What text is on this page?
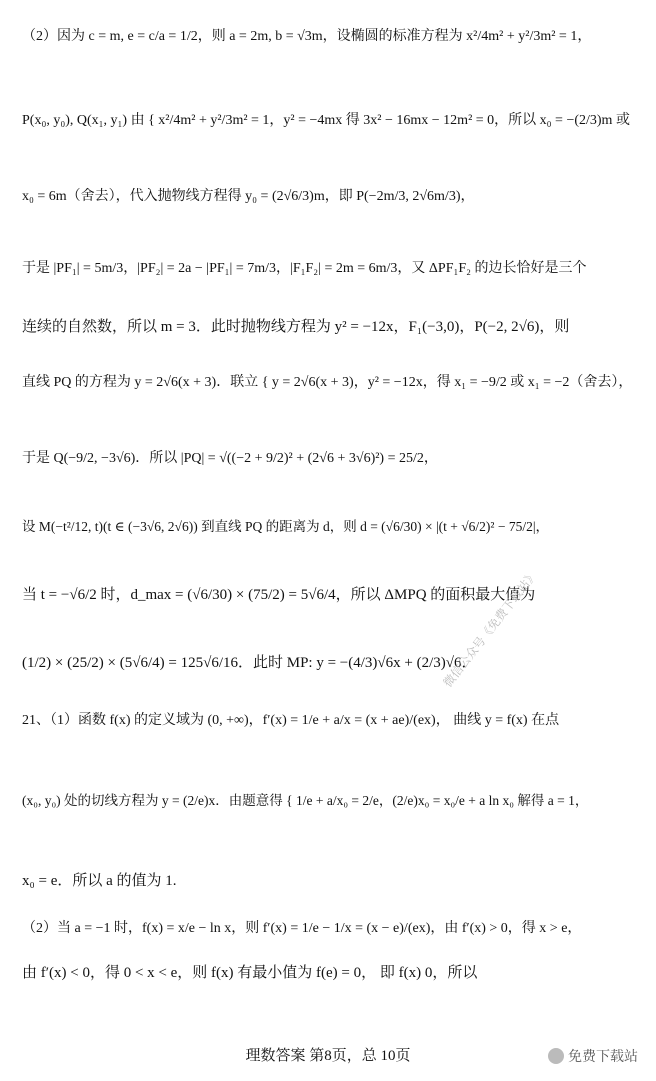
（2）因为 c = m, e = c/a = 1/2，则 a = 2m, b = √3m，设椭圆的标准方程为 x²/4m² + y²/3m² = 1，
P(x₀, y₀), Q(x₁, y₁) 由 { x²/4m² + y²/3m² = 1，y² = −4mx 得 3x² − 16mx − 12m² = 0，所以 x₀ = −(2/3)m 或
x₀ = 6m（舍去），代入抛物线方程得 y₀ = (2√6/3)m，即 P(−2m/3, 2√6m/3)，
于是 |PF₁| = 5m/3，|PF₂| = 2a − |PF₁| = 7m/3，|F₁F₂| = 2m = 6m/3，又 ΔPF₁F₂ 的边长恰好是三个
连续的自然数，所以 m = 3．此时抛物线方程为 y² = −12x，F₁(−3,0)，P(−2, 2√6)，则
直线 PQ 的方程为 y = 2√6(x + 3)．联立 { y = 2√6(x + 3)，y² = −12x，得 x₁ = −9/2 或 x₁ = −2（舍去），
于是 Q(−9/2, −3√6)．所以 |PQ| = √((−2 + 9/2)² + (2√6 + 3√6)²) = 25/2，
设 M(−t²/12, t)(t ∈ (−3√6, 2√6)) 到直线 PQ 的距离为 d，则 d = (√6/30) × |(t + √6/2)² − 75/2|，
当 t = −√6/2 时，d_max = (√6/30) × (75/2) = 5√6/4，所以 ΔMPQ 的面积最大值为
(1/2) × (25/2) × (5√6/4) = 125√6/16．此时 MP: y = −(4/3)√6x + (2/3)√6．
21、（1）函数 f(x) 的定义域为 (0, +∞)，f′(x) = 1/e + a/x = (x + ae)/(ex)， 曲线 y = f(x) 在点
(x₀, y₀) 处的切线方程为 y = (2/e)x．由题意得 { 1/e + a/x₀ = 2/e，(2/e)x₀ = x₀/e + a ln x₀ 解得 a = 1，
x₀ = e．所以 a 的值为 1.
（2）当 a = −1 时，f(x) = x/e − ln x，则 f′(x) = 1/e − 1/x = (x − e)/(ex)，由 f′(x) > 0，得 x > e，
由 f′(x) < 0，得 0 < x < e，则 f(x) 有最小值为 f(e) = 0， 即 f(x) 0，所以
微信公众号《免费下载站》
理数答案 第8页，总 10页	免费下载站
